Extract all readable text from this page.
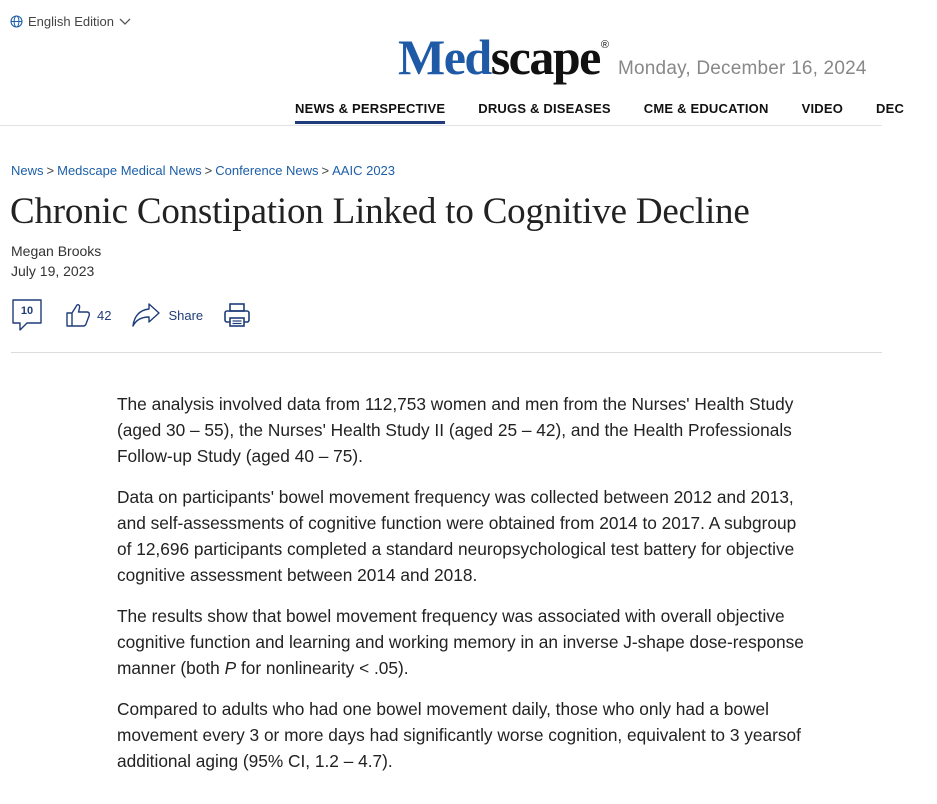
English Edition
Medscape ®
Monday, December 16, 2024
NEWS & PERSPECTIVE	DRUGS & DISEASES	CME & EDUCATION	VIDEO	DEC
News > Medscape Medical News > Conference News > AAIC 2023
Chronic Constipation Linked to Cognitive Decline
Megan Brooks
July 19, 2023
10	42	Share

The analysis involved data from 112,753 women and men from the Nurses' Health Study (aged 30 – 55), the Nurses' Health Study II (aged 25 – 42), and the Health Professionals Follow-up Study (aged 40 – 75).

Data on participants' bowel movement frequency was collected between 2012 and 2013, and self-assessments of cognitive function were obtained from 2014 to 2017. A subgroup of 12,696 participants completed a standard neuropsychological test battery for objective cognitive assessment between 2014 and 2018.

The results show that bowel movement frequency was associated with overall objective cognitive function and learning and working memory in an inverse J-shape dose-response manner (both P for nonlinearity < .05).

Compared to adults who had one bowel movement daily, those who only had a bowel movement every 3 or more days had significantly worse cognition, equivalent to 3 yearsof additional aging (95% CI, 1.2 – 4.7).
